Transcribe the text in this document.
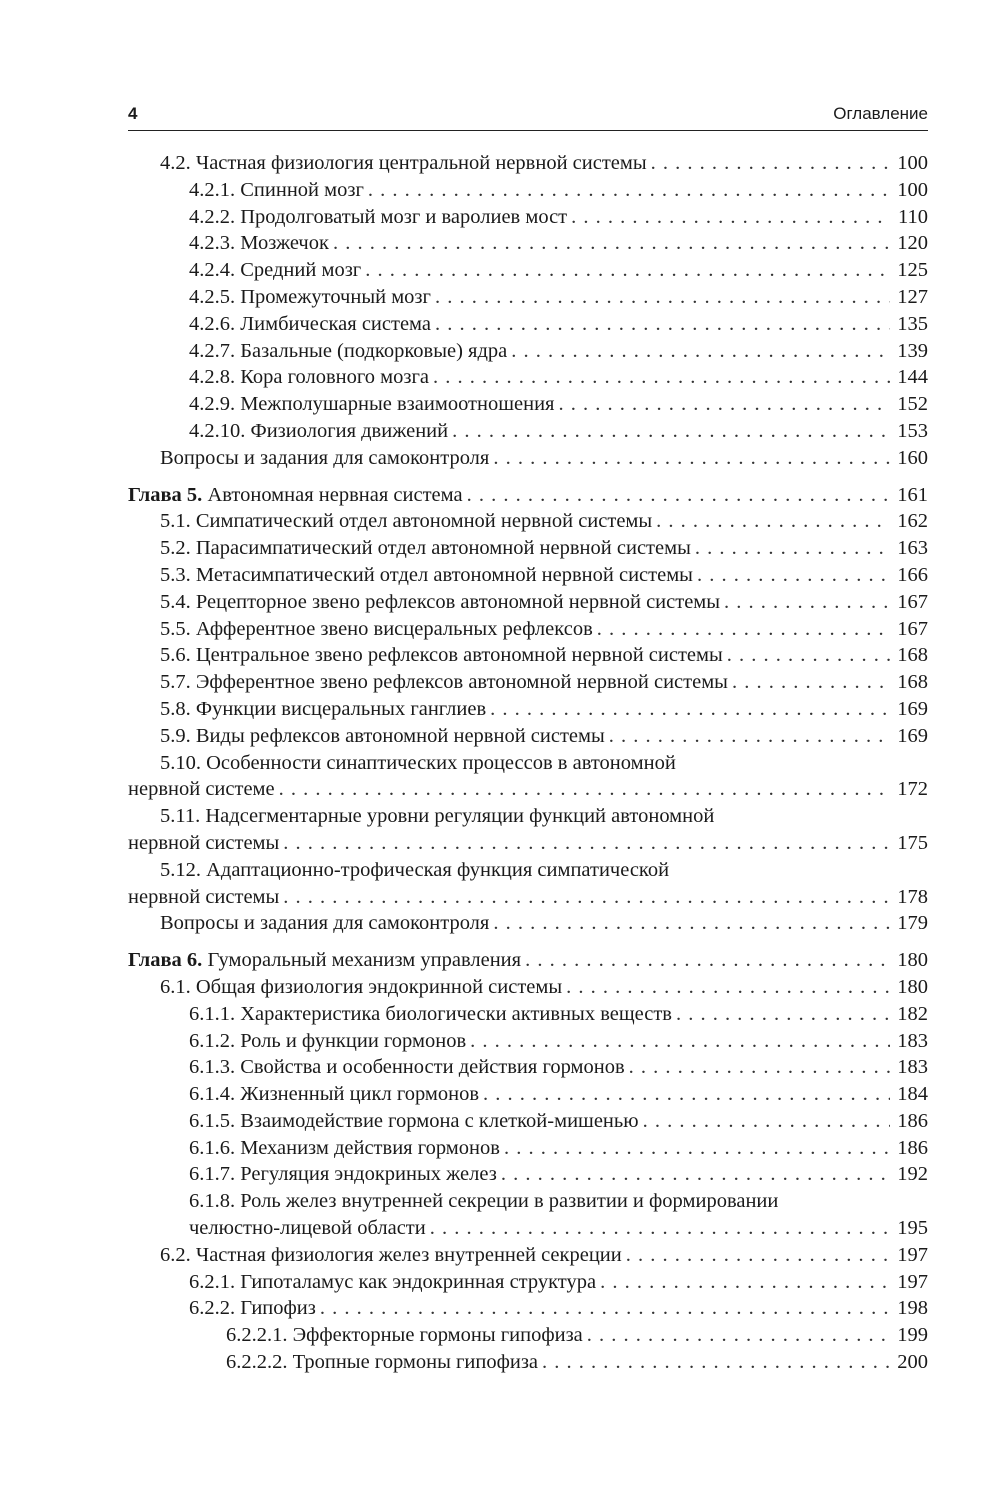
4	Оглавление
4.2. Частная физиология центральной нервной системы . . .	100
4.2.1. Спинной мозг . . .	100
4.2.2. Продолговатый мозг и варолиев мост . . .	110
4.2.3. Мозжечок . . .	120
4.2.4. Средний мозг . . .	125
4.2.5. Промежуточный мозг . . .	127
4.2.6. Лимбическая система . . .	135
4.2.7. Базальные (подкорковые) ядра . . .	139
4.2.8. Кора головного мозга . . .	144
4.2.9. Межполушарные взаимоотношения . . .	152
4.2.10. Физиология движений . . .	153
Вопросы и задания для самоконтроля . . .	160
Глава 5. Автономная нервная система . . .	161
5.1. Симпатический отдел автономной нервной системы . . .	162
5.2. Парасимпатический отдел автономной нервной системы . . .	163
5.3. Метасимпатический отдел автономной нервной системы . . .	166
5.4. Рецепторное звено рефлексов автономной нервной системы . . .	167
5.5. Афферентное звено висцеральных рефлексов . . .	167
5.6. Центральное звено рефлексов автономной нервной системы . . .	168
5.7. Эфферентное звено рефлексов автономной нервной системы . . .	168
5.8. Функции висцеральных ганглиев . . .	169
5.9. Виды рефлексов автономной нервной системы . . .	169
5.10. Особенности синаптических процессов в автономной
нервной системе . . .	172
5.11. Надсегментарные уровни регуляции функций автономной
нервной системы . . .	175
5.12. Адаптационно-трофическая функция симпатической
нервной системы . . .	178
Вопросы и задания для самоконтроля . . .	179
Глава 6. Гуморальный механизм управления . . .	180
6.1. Общая физиология эндокринной системы . . .	180
6.1.1. Характеристика биологически активных веществ . . .	182
6.1.2. Роль и функции гормонов . . .	183
6.1.3. Свойства и особенности действия гормонов . . .	183
6.1.4. Жизненный цикл гормонов . . .	184
6.1.5. Взаимодействие гормона с клеткой-мишенью . . .	186
6.1.6. Механизм действия гормонов . . .	186
6.1.7. Регуляция эндокриных желез . . .	192
6.1.8. Роль желез внутренней секреции в развитии и формировании
челюстно-лицевой области . . .	195
6.2. Частная физиология желез внутренней секреции . . .	197
6.2.1. Гипоталамус как эндокринная структура . . .	197
6.2.2. Гипофиз . . .	198
6.2.2.1. Эффекторные гормоны гипофиза . . .	199
6.2.2.2. Тропные гормоны гипофиза . . .	200
